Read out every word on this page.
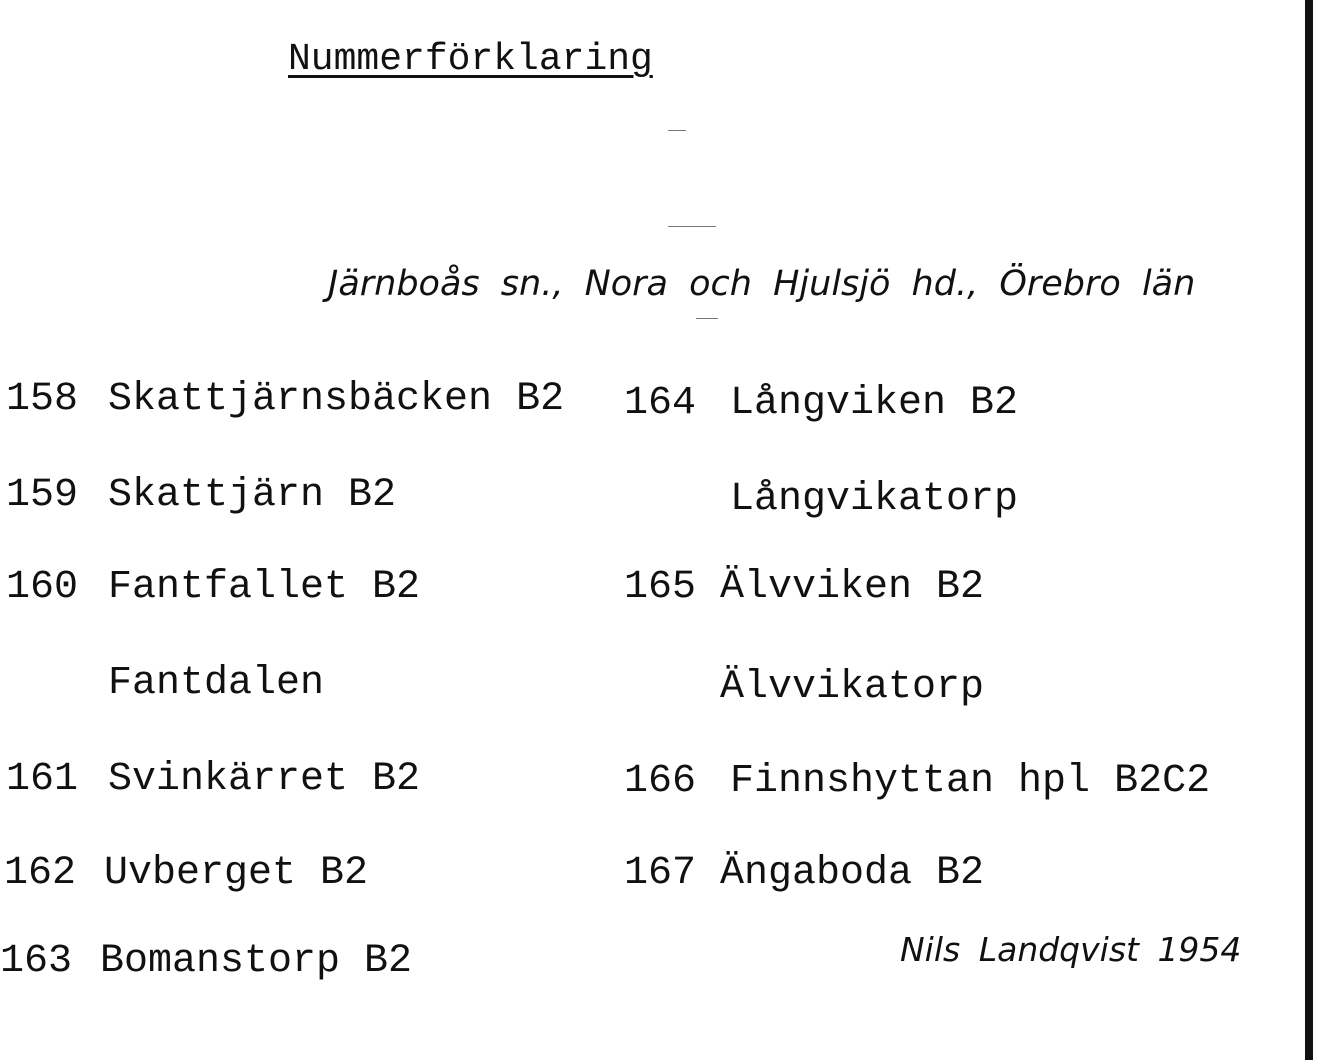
Nummerförklaring
Järnboås sn., Nora och Hjulsjö hd., Örebro län
158 Skattjärnsbäcken B2
159 Skattjärn B2
160 Fantfallet B2
Fantdalen
161 Svinkärret B2
162 Uvberget B2
163 Bomanstorp B2
164 Långviken B2
Långvikatorp
165 Älvviken B2
Älvvikatorp
166 Finnshyttan hpl B2C2
167 Ängaboda B2
Nils Landqvist 1954
